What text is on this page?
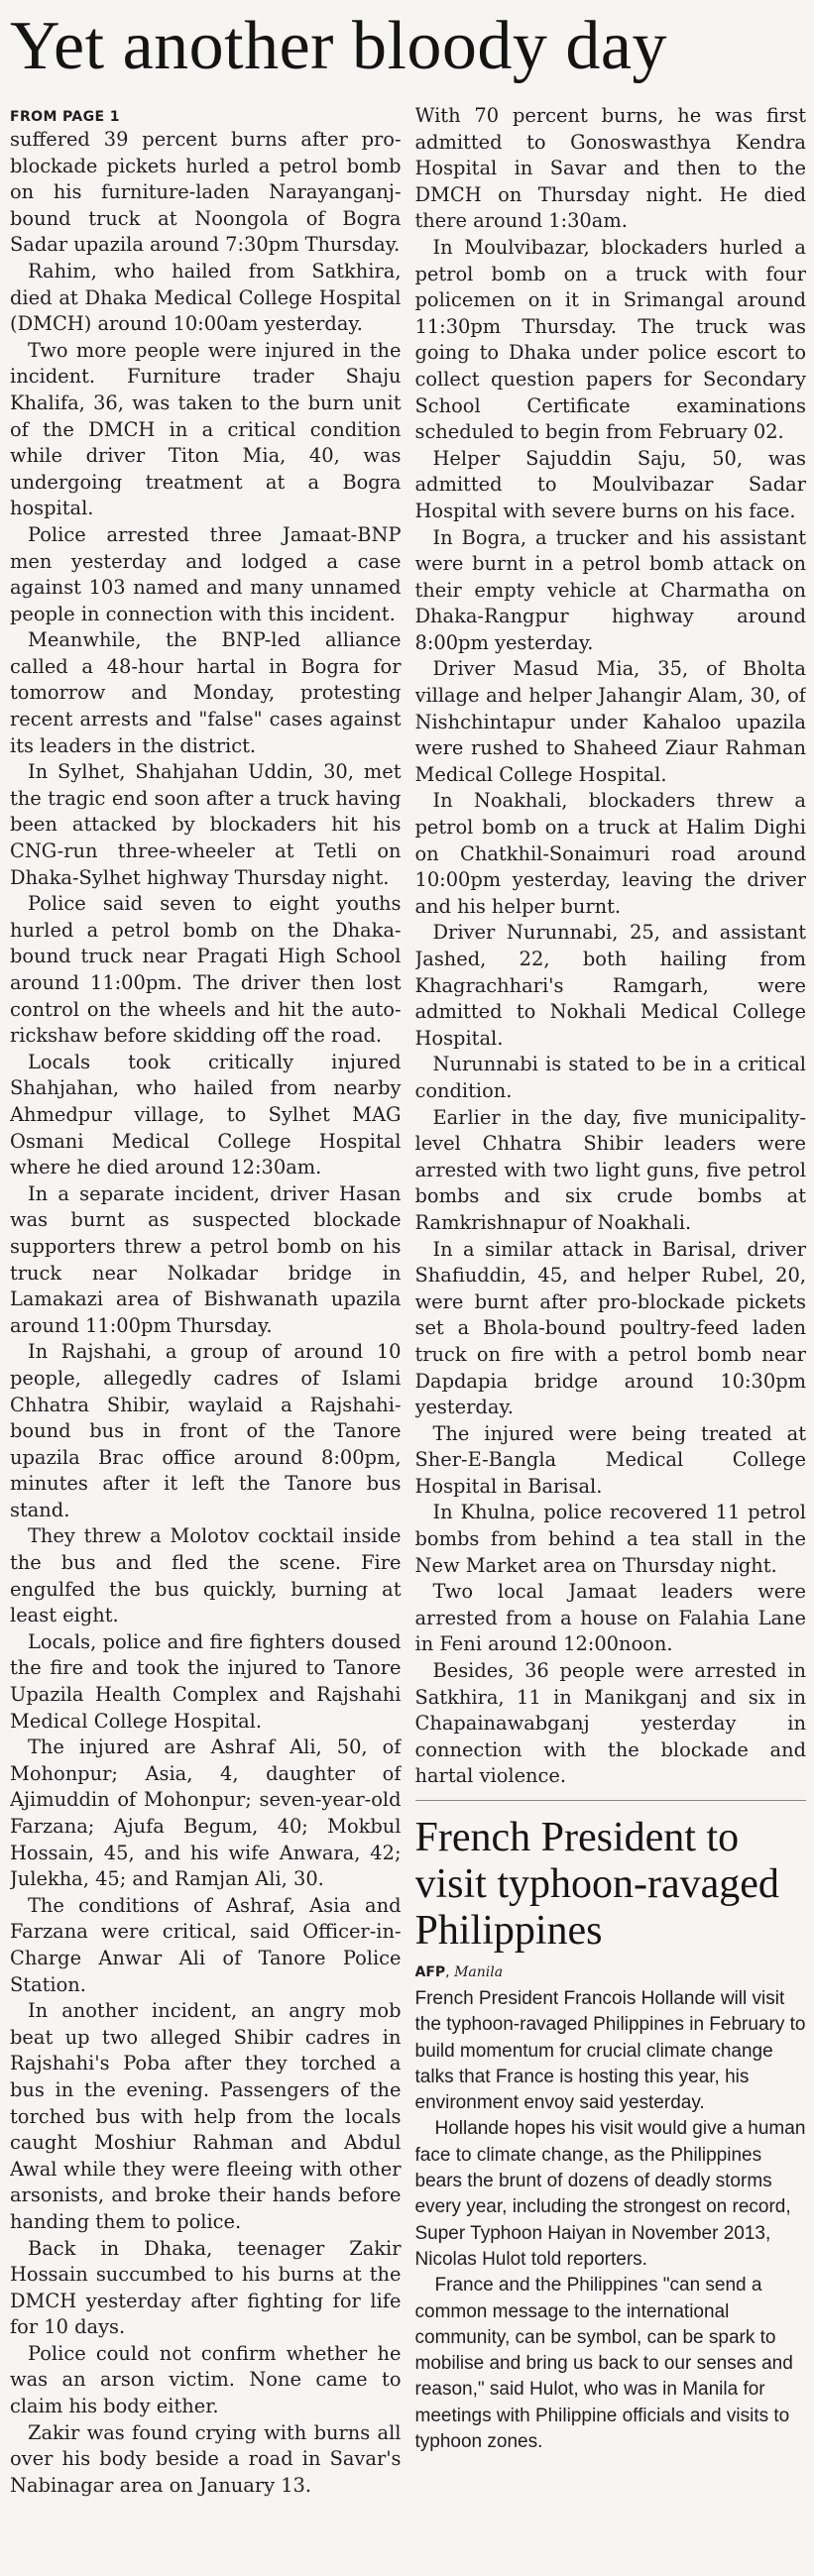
Yet another bloody day
FROM PAGE 1

suffered 39 percent burns after pro-blockade pickets hurled a petrol bomb on his furniture-laden Narayanganj-bound truck at Noongola of Bogra Sadar upazila around 7:30pm Thursday.

Rahim, who hailed from Satkhira, died at Dhaka Medical College Hospital (DMCH) around 10:00am yesterday.

Two more people were injured in the incident. Furniture trader Shaju Khalifa, 36, was taken to the burn unit of the DMCH in a critical condition while driver Titon Mia, 40, was undergoing treatment at a Bogra hospital.

Police arrested three Jamaat-BNP men yesterday and lodged a case against 103 named and many unnamed people in connection with this incident.

Meanwhile, the BNP-led alliance called a 48-hour hartal in Bogra for tomorrow and Monday, protesting recent arrests and "false" cases against its leaders in the district.

In Sylhet, Shahjahan Uddin, 30, met the tragic end soon after a truck having been attacked by blockaders hit his CNG-run three-wheeler at Tetli on Dhaka-Sylhet highway Thursday night.

Police said seven to eight youths hurled a petrol bomb on the Dhaka-bound truck near Pragati High School around 11:00pm. The driver then lost control on the wheels and hit the auto-rickshaw before skidding off the road.

Locals took critically injured Shahjahan, who hailed from nearby Ahmedpur village, to Sylhet MAG Osmani Medical College Hospital where he died around 12:30am.

In a separate incident, driver Hasan was burnt as suspected blockade supporters threw a petrol bomb on his truck near Nolkadar bridge in Lamakazi area of Bishwanath upazila around 11:00pm Thursday.

In Rajshahi, a group of around 10 people, allegedly cadres of Islami Chhatra Shibir, waylaid a Rajshahi-bound bus in front of the Tanore upazila Brac office around 8:00pm, minutes after it left the Tanore bus stand.

They threw a Molotov cocktail inside the bus and fled the scene. Fire engulfed the bus quickly, burning at least eight.

Locals, police and fire fighters doused the fire and took the injured to Tanore Upazila Health Complex and Rajshahi Medical College Hospital.

The injured are Ashraf Ali, 50, of Mohonpur; Asia, 4, daughter of Ajimuddin of Mohonpur; seven-year-old Farzana; Ajufa Begum, 40; Mokbul Hossain, 45, and his wife Anwara, 42; Julekha, 45; and Ramjan Ali, 30.

The conditions of Ashraf, Asia and Farzana were critical, said Officer-in-Charge Anwar Ali of Tanore Police Station.

In another incident, an angry mob beat up two alleged Shibir cadres in Rajshahi's Poba after they torched a bus in the evening. Passengers of the torched bus with help from the locals caught Moshiur Rahman and Abdul Awal while they were fleeing with other arsonists, and broke their hands before handing them to police.

Back in Dhaka, teenager Zakir Hossain succumbed to his burns at the DMCH yesterday after fighting for life for 10 days.

Police could not confirm whether he was an arson victim. None came to claim his body either.

Zakir was found crying with burns all over his body beside a road in Savar's Nabinagar area on January 13.

With 70 percent burns, he was first admitted to Gonoswasthya Kendra Hospital in Savar and then to the DMCH on Thursday night. He died there around 1:30am.

In Moulvibazar, blockaders hurled a petrol bomb on a truck with four policemen on it in Srimangal around 11:30pm Thursday. The truck was going to Dhaka under police escort to collect question papers for Secondary School Certificate examinations scheduled to begin from February 02.

Helper Sajuddin Saju, 50, was admitted to Moulvibazar Sadar Hospital with severe burns on his face.

In Bogra, a trucker and his assistant were burnt in a petrol bomb attack on their empty vehicle at Charmatha on Dhaka-Rangpur highway around 8:00pm yesterday.

Driver Masud Mia, 35, of Bholta village and helper Jahangir Alam, 30, of Nishchintapur under Kahaloo upazila were rushed to Shaheed Ziaur Rahman Medical College Hospital.

In Noakhali, blockaders threw a petrol bomb on a truck at Halim Dighi on Chatkhil-Sonaimuri road around 10:00pm yesterday, leaving the driver and his helper burnt.

Driver Nurunnabi, 25, and assistant Jashed, 22, both hailing from Khagrachhari's Ramgarh, were admitted to Nokhali Medical College Hospital.

Nurunnabi is stated to be in a critical condition.

Earlier in the day, five municipality-level Chhatra Shibir leaders were arrested with two light guns, five petrol bombs and six crude bombs at Ramkrishnapur of Noakhali.

In a similar attack in Barisal, driver Shafiuddin, 45, and helper Rubel, 20, were burnt after pro-blockade pickets set a Bhola-bound poultry-feed laden truck on fire with a petrol bomb near Dapdapia bridge around 10:30pm yesterday.

The injured were being treated at Sher-E-Bangla Medical College Hospital in Barisal.

In Khulna, police recovered 11 petrol bombs from behind a tea stall in the New Market area on Thursday night.

Two local Jamaat leaders were arrested from a house on Falahia Lane in Feni around 12:00noon.

Besides, 36 people were arrested in Satkhira, 11 in Manikganj and six in Chapainawabganj yesterday in connection with the blockade and hartal violence.

French President to visit typhoon-ravaged Philippines
AFP, Manila

French President Francois Hollande will visit the typhoon-ravaged Philippines in February to build momentum for crucial climate change talks that France is hosting this year, his environment envoy said yesterday.

Hollande hopes his visit would give a human face to climate change, as the Philippines bears the brunt of dozens of deadly storms every year, including the strongest on record, Super Typhoon Haiyan in November 2013, Nicolas Hulot told reporters.

France and the Philippines "can send a common message to the international community, can be symbol, can be spark to mobilise and bring us back to our senses and reason," said Hulot, who was in Manila for meetings with Philippine officials and visits to typhoon zones.
